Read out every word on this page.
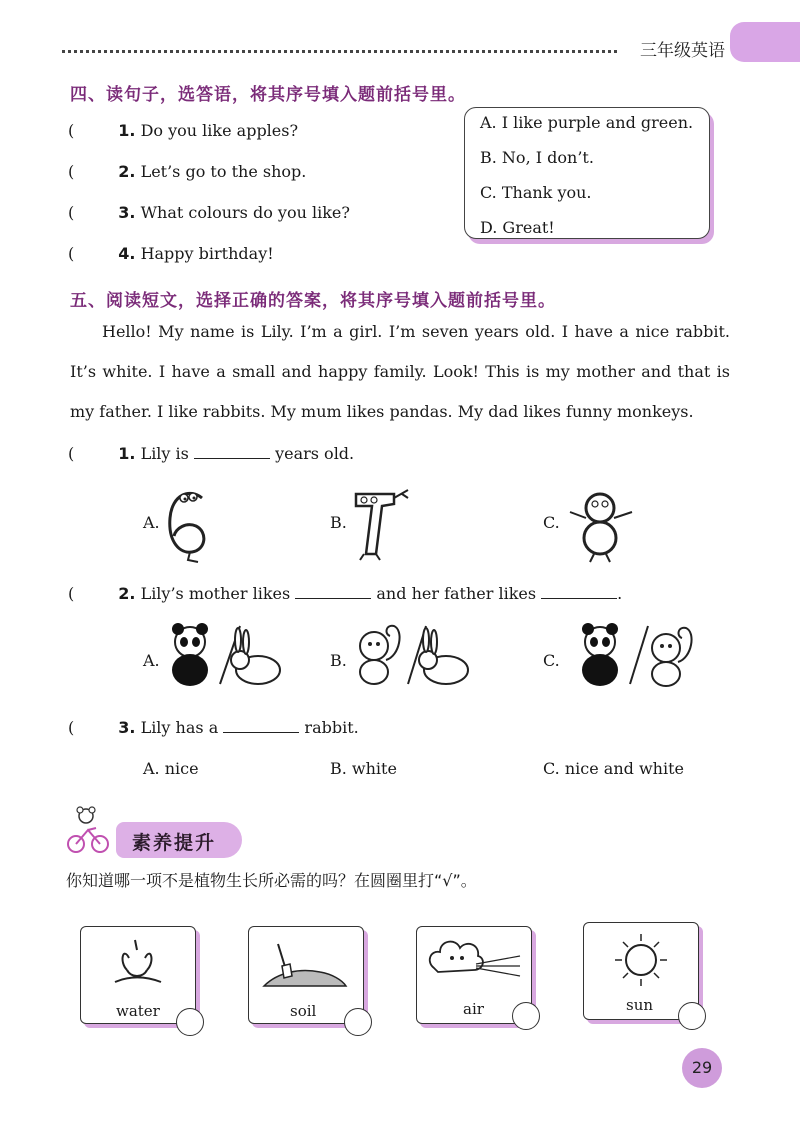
三年级英语
四、读句子，选答语，将其序号填入题前括号里。
(	1. Do you like apples?
(	2. Let’s go to the shop.
(	3. What colours do you like?
(	4. Happy birthday!
A. I like purple and green.
B. No, I don’t.
C. Thank you.
D. Great!
五、阅读短文，选择正确的答案，将其序号填入题前括号里。
Hello! My name is Lily. I’m a girl. I’m seven years old. I have a nice rabbit. It’s white. I have a small and happy family. Look! This is my mother and that is my father. I like rabbits. My mum likes pandas. My dad likes funny monkeys.
(	1. Lily is	years old.
A.	B.	C.
(	2. Lily’s mother likes	and her father likes	.
A.	B.	C.
(	3. Lily has a	rabbit.
A. nice	B. white	C. nice and white
素养提升
你知道哪一项不是植物生长所必需的吗？在圆圈里打“√”。
water	soil	air	sun
29
